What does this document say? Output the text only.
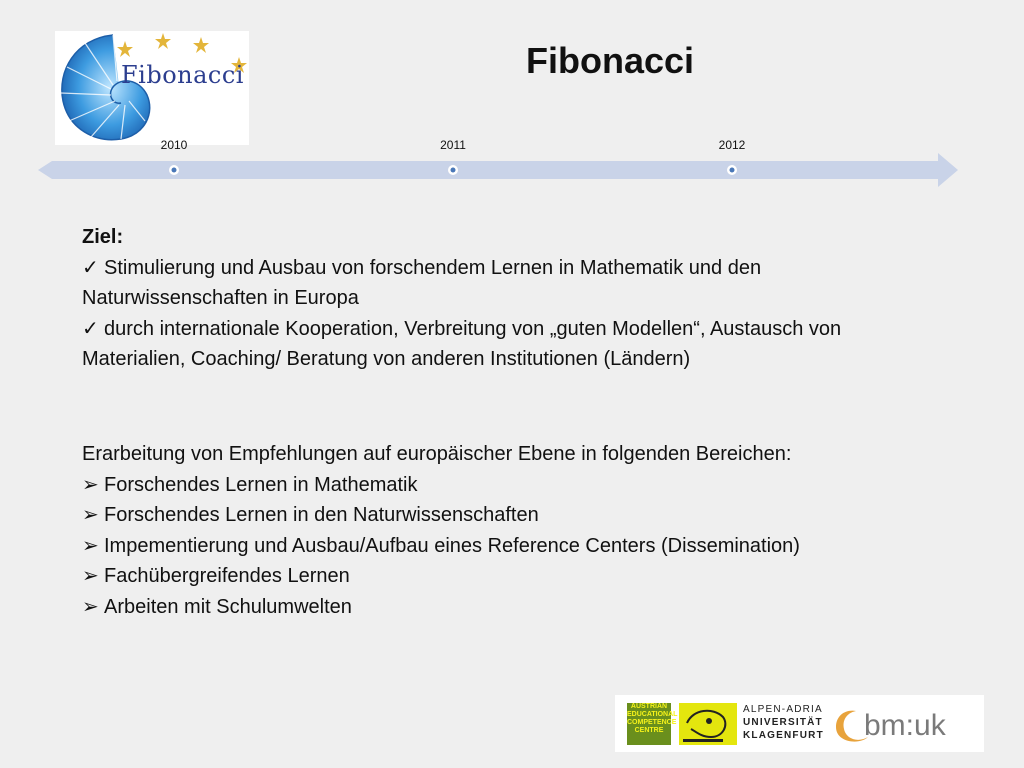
Fibonacci	Fibonacci
2010	2011	2012

Ziel:

✓ Stimulierung und Ausbau von forschendem Lernen in Mathematik und den Naturwissenschaften in Europa

✓ durch internationale Kooperation, Verbreitung von „guten Modellen“, Austausch von Materialien, Coaching/ Beratung von anderen Institutionen (Ländern)

Erarbeitung von Empfehlungen auf europäischer Ebene in folgenden Bereichen:

➢ Forschendes Lernen in Mathematik

➢ Forschendes Lernen in den Naturwissenschaften

➢ Impementierung und Ausbau/Aufbau eines Reference Centers (Dissemination)

➢ Fachübergreifendes Lernen

➢ Arbeiten mit Schulumwelten

AUSTRIAN EDUCATIONAL COMPETENCE CENTRE
ALPEN-ADRIA
UNIVERSITÄT
KLAGENFURT bm:uk
